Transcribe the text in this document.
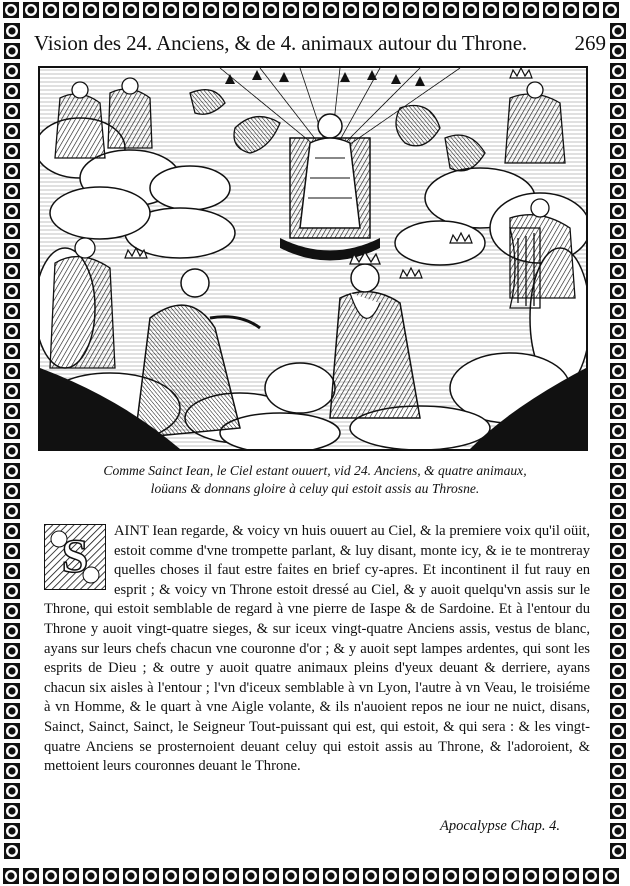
Vision des 24. Anciens, & de 4. animaux autour du Throne. 269
Comme Sainct Iean, le Ciel estant ouuert, vid 24. Anciens, & quatre animaux,
loüans & donnans gloire à celuy qui estoit assis au Throsne.
S	AINT Iean regarde, & voicy vn huis ouuert au Ciel, & la premiere voix qu'il oüit, estoit comme d'vne trompette parlant, & luy disant, monte icy, & ie te montreray quelles choses il faut estre faites en brief cy-apres. Et incontinent il fut rauy en esprit ; & voicy vn Throne estoit dressé au Ciel, & y auoit quelqu'vn assis sur le Throne, qui estoit semblable de regard à vne pierre de Iaspe & de Sardoine. Et à l'entour du Throne y auoit vingt-quatre sieges, & sur iceux vingt-quatre Anciens assis, vestus de blanc, ayans sur leurs chefs chacun vne couronne d'or ; & y auoit sept lampes ardentes, qui sont les esprits de Dieu ; & outre y auoit quatre animaux pleins d'yeux deuant & derriere, ayans chacun six aisles à l'entour ; l'vn d'iceux semblable à vn Lyon, l'autre à vn Veau, le troisiéme à vn Homme, & le quart à vne Aigle volante, & ils n'auoient repos ne iour ne nuict, disans, Sainct, Sainct, Sainct, le Seigneur Tout-puissant qui est, qui estoit, & qui sera : & les vingt-quatre Anciens se prosternoient deuant celuy qui estoit assis au Throne, & l'adoroient, & mettoient leurs couronnes deuant le Throne.
Apocalypse Chap. 4.
